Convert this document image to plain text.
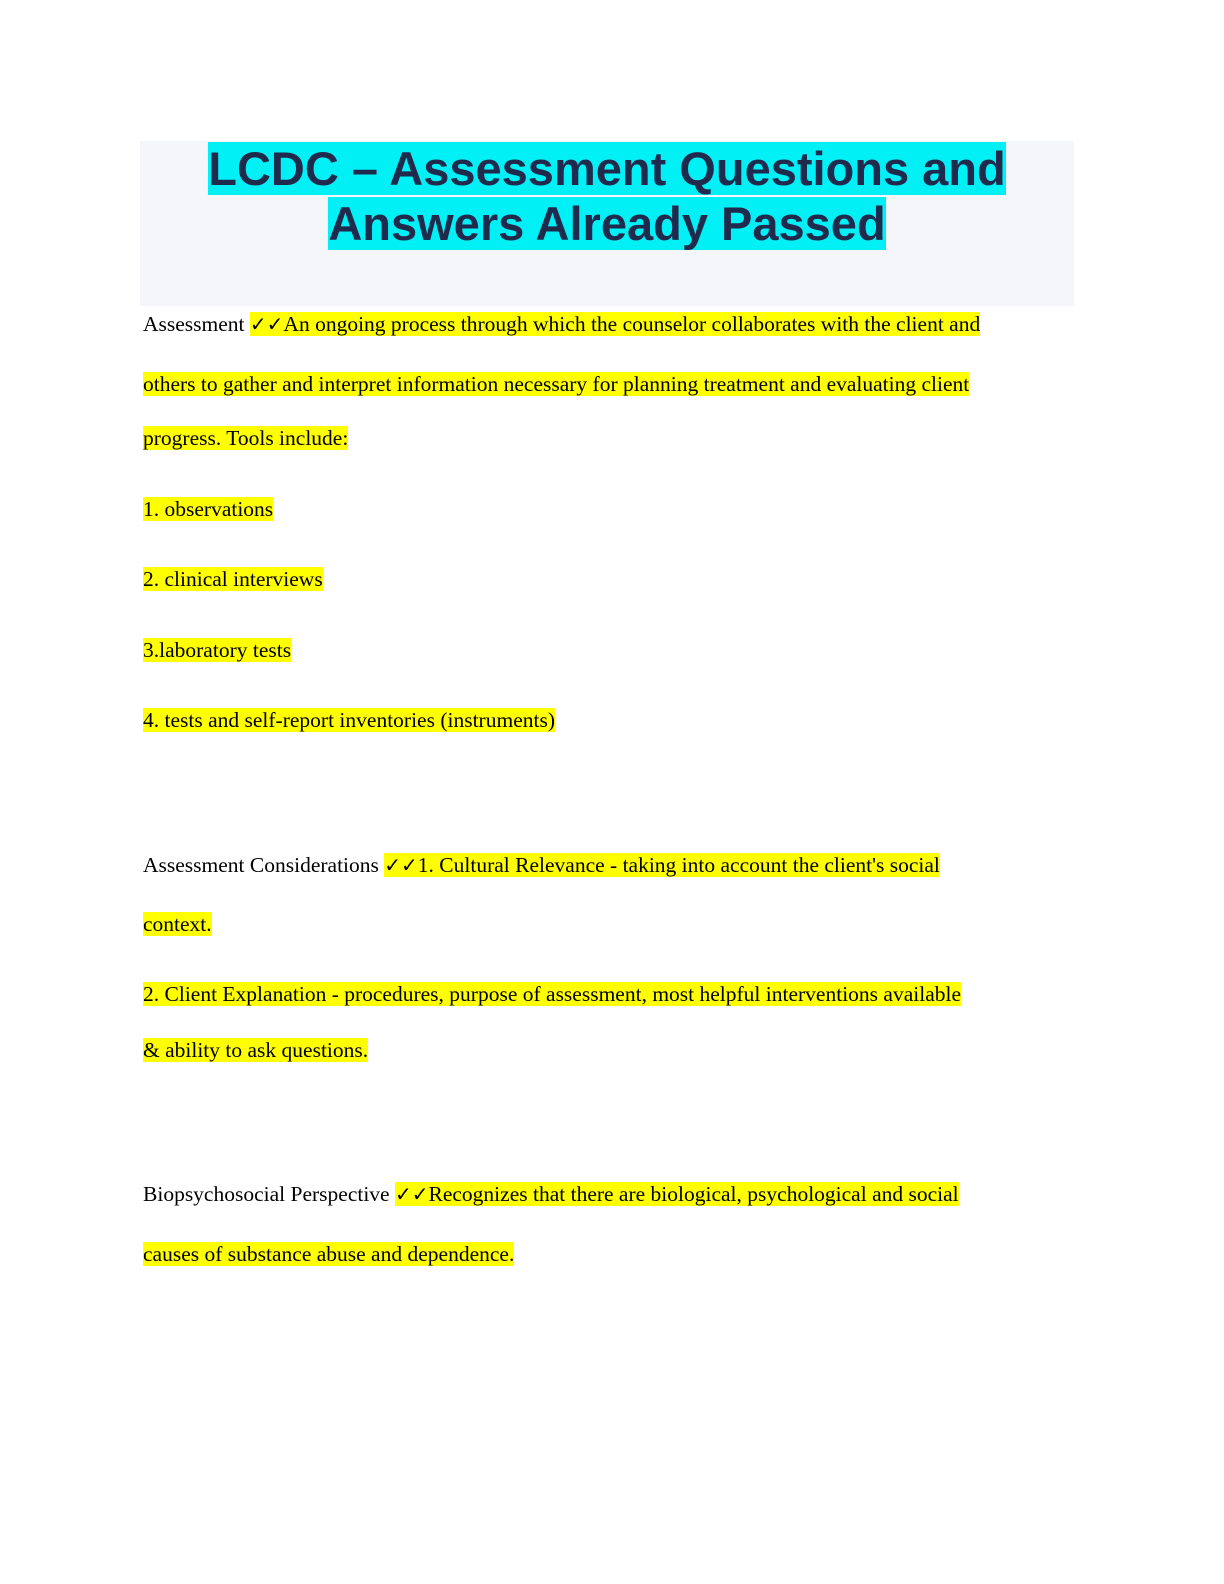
LCDC – Assessment Questions and
Answers Already Passed
Assessment ✓✓An ongoing process through which the counselor collaborates with the client and
others to gather and interpret information necessary for planning treatment and evaluating client
progress. Tools include:
1. observations
2. clinical interviews
3.laboratory tests
4. tests and self-report inventories (instruments)
Assessment Considerations ✓✓1. Cultural Relevance - taking into account the client's social
context.
2. Client Explanation - procedures, purpose of assessment, most helpful interventions available
& ability to ask questions.
Biopsychosocial Perspective ✓✓Recognizes that there are biological, psychological and social
causes of substance abuse and dependence.
